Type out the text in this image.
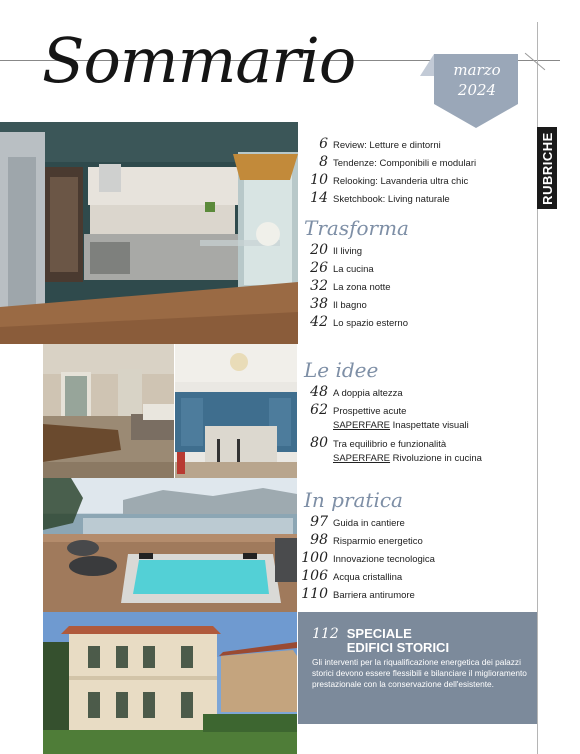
Sommario	marzo
2024
RUBRICHE
6 Review: Letture e dintorni
8 Tendenze: Componibili e modulari
10 Relooking: Lavanderia ultra chic
14 Sketchbook: Living naturale
Trasforma
20 Il living
26 La cucina
32 La zona notte
38 Il bagno
42 Lo spazio esterno
Le idee
48 A doppia altezza
62 Prospettive acute
SAPERFARE Inaspettate visuali
80 Tra equilibrio e funzionalità
SAPERFARE Rivoluzione in cucina
In pratica
97 Guida in cantiere
98 Risparmio energetico
100 Innovazione tecnologica
106 Acqua cristallina
110 Barriera antirumore
112 SPECIALE
EDIFICI STORICI
Gli interventi per la riqualificazione energetica dei palazzi storici devono essere flessibili e bilanciare il miglioramento prestazionale con la conservazione dell'esistente.
